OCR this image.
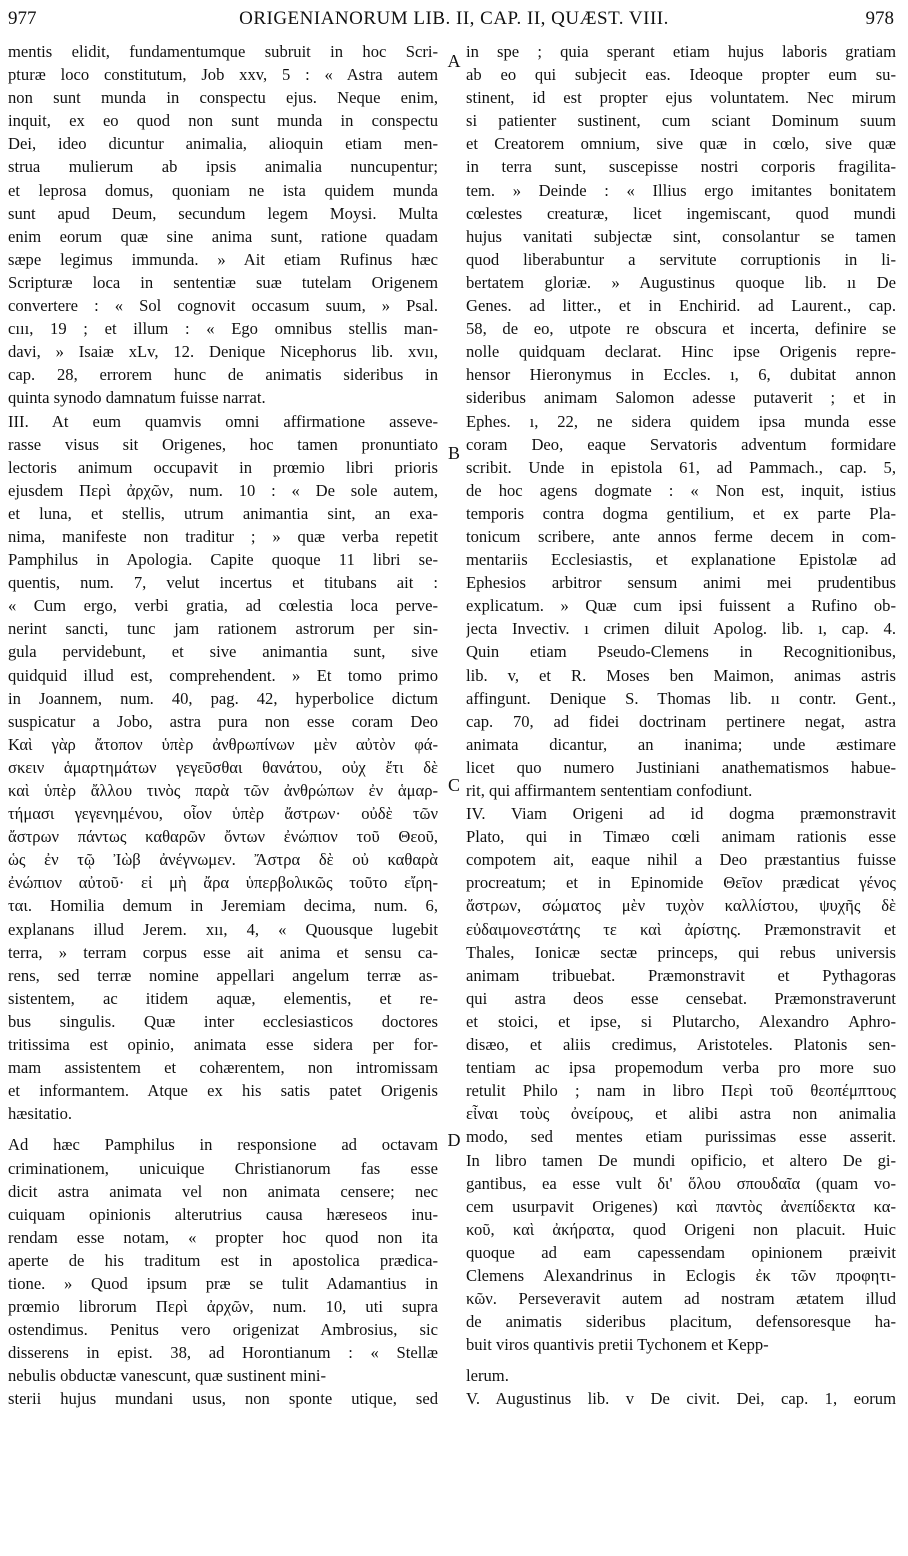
977	ORIGENIANORUM LIB. II, CAP. II, QUÆST. VIII.	978
A
B
C
D
mentis elidit, fundamentumque subruit in hoc Scri-
pturæ loco constitutum, Job xxv, 5 : « Astra autem
non sunt munda in conspectu ejus. Neque enim,
inquit, ex eo quod non sunt munda in conspectu
Dei, ideo dicuntur animalia, alioquin etiam men-
strua mulierum ab ipsis animalia nuncupentur;
et leprosa domus, quoniam ne ista quidem munda
sunt apud Deum, secundum legem Moysi. Multa
enim eorum quæ sine anima sunt, ratione quadam
sæpe legimus immunda. » Ait etiam Rufinus hæc
Scripturæ loca in sententiæ suæ tutelam Origenem
convertere : « Sol cognovit occasum suum, » Psal.
cııı, 19 ; et illum : « Ego omnibus stellis man-
davi, » Isaiæ xLv, 12. Denique Nicephorus lib. xvıı,
cap. 28, errorem hunc de animatis sideribus in
quinta synodo damnatum fuisse narrat.
III. At eum quamvis omni affirmatione asseve-
rasse visus sit Origenes, hoc tamen pronuntiato
lectoris animum occupavit in prœmio libri prioris
ejusdem Περὶ ἀρχῶν, num. 10 : « De sole autem,
et luna, et stellis, utrum animantia sint, an exa-
nima, manifeste non traditur ; » quæ verba repetit
Pamphilus in Apologia. Capite quoque 11 libri se-
quentis, num. 7, velut incertus et titubans ait :
« Cum ergo, verbi gratia, ad cœlestia loca perve-
nerint sancti, tunc jam rationem astrorum per sin-
gula pervidebunt, et sive animantia sunt, sive
quidquid illud est, comprehendent. » Et tomo primo
in Joannem, num. 40, pag. 42, hyperbolice dictum
suspicatur a Jobo, astra pura non esse coram Deo
Καὶ γὰρ ἄτοπον ὑπὲρ ἀνθρωπίνων μὲν αὐτὸν φά-
σκειν ἁμαρτημάτων γεγεῦσθαι θανάτου, οὐχ ἔτι δὲ
καὶ ὑπὲρ ἄλλου τινὸς παρὰ τῶν ἀνθρώπων ἐν ἁμαρ-
τήμασι γεγενημένου, οἷον ὑπὲρ ἄστρων· οὐδὲ τῶν
ἄστρων πάντως καθαρῶν ὄντων ἐνώπιον τοῦ Θεοῦ,
ὡς ἐν τῷ Ἰὼβ ἀνέγνωμεν. Ἄστρα δὲ οὐ καθαρὰ
ἐνώπιον αὐτοῦ· εἰ μὴ ἄρα ὑπερβολικῶς τοῦτο εἴρη-
ται. Homilia demum in Jeremiam decima, num. 6,
explanans illud Jerem. xıı, 4, « Quousque lugebit
terra, » terram corpus esse ait anima et sensu ca-
rens, sed terræ nomine appellari angelum terræ as-
sistentem, ac itidem aquæ, elementis, et re-
bus singulis. Quæ inter ecclesiasticos doctores
tritissima est opinio, animata esse sidera per for-
mam assistentem et cohærentem, non intromissam
et informantem. Atque ex his satis patet Origenis
hæsitatio.
Ad hæc Pamphilus in responsione ad octavam
criminationem, unicuique Christianorum fas esse
dicit astra animata vel non animata censere; nec
cuiquam opinionis alterutrius causa hæreseos inu-
rendam esse notam, « propter hoc quod non ita
aperte de his traditum est in apostolica prædica-
tione. » Quod ipsum præ se tulit Adamantius in
prœmio librorum Περὶ ἀρχῶν, num. 10, uti supra
ostendimus. Penitus vero origenizat Ambrosius, sic
disserens in epist. 38, ad Horontianum : « Stellæ
nebulis obductæ vanescunt, quæ sustinent mini-
sterii hujus mundani usus, non sponte utique, sed
in spe ; quia sperant etiam hujus laboris gratiam
ab eo qui subjecit eas. Ideoque propter eum su-
stinent, id est propter ejus voluntatem. Nec mirum
si patienter sustinent, cum sciant Dominum suum
et Creatorem omnium, sive quæ in cœlo, sive quæ
in terra sunt, suscepisse nostri corporis fragilita-
tem. » Deinde : « Illius ergo imitantes bonitatem
cœlestes creaturæ, licet ingemiscant, quod mundi
hujus vanitati subjectæ sint, consolantur se tamen
quod liberabuntur a servitute corruptionis in li-
bertatem gloriæ. » Augustinus quoque lib. ıı De
Genes. ad litter., et in Enchirid. ad Laurent., cap.
58, de eo, utpote re obscura et incerta, definire se
nolle quidquam declarat. Hinc ipse Origenis repre-
hensor Hieronymus in Eccles. ı, 6, dubitat annon
sideribus animam Salomon adesse putaverit ; et in
Ephes. ı, 22, ne sidera quidem ipsa munda esse
coram Deo, eaque Servatoris adventum formidare
scribit. Unde in epistola 61, ad Pammach., cap. 5,
de hoc agens dogmate : « Non est, inquit, istius
temporis contra dogma gentilium, et ex parte Pla-
tonicum scribere, ante annos ferme decem in com-
mentariis Ecclesiastis, et explanatione Epistolæ ad
Ephesios arbitror sensum animi mei prudentibus
explicatum. » Quæ cum ipsi fuissent a Rufino ob-
jecta Invectiv. ı crimen diluit Apolog. lib. ı, cap. 4.
Quin etiam Pseudo-Clemens in Recognitionibus,
lib. v, et R. Moses ben Maimon, animas astris
affingunt. Denique S. Thomas lib. ıı contr. Gent.,
cap. 70, ad fidei doctrinam pertinere negat, astra
animata dicantur, an inanima; unde æstimare
licet quo numero Justiniani anathematismos habue-
rit, qui affirmantem sententiam confodiunt.
IV. Viam Origeni ad id dogma præmonstravit
Plato, qui in Timæo cœli animam rationis esse
compotem ait, eaque nihil a Deo præstantius fuisse
procreatum; et in Epinomide Θεῖον prædicat γένος
ἄστρων, σώματος μὲν τυχὸν καλλίστου, ψυχῆς δὲ
εὐδαιμονεστάτης τε καὶ ἀρίστης. Præmonstravit et
Thales, Ionicæ sectæ princeps, qui rebus universis
animam tribuebat. Præmonstravit et Pythagoras
qui astra deos esse censebat. Præmonstraverunt
et stoici, et ipse, si Plutarcho, Alexandro Aphro-
disæo, et aliis credimus, Aristoteles. Platonis sen-
tentiam ac ipsa propemodum verba pro more suo
retulit Philo ; nam in libro Περὶ τοῦ θεοπέμπτους
εἶναι τοὺς ὀνείρους, et alibi astra non animalia
modo, sed mentes etiam purissimas esse asserit.
In libro tamen De mundi opificio, et altero De gi-
gantibus, ea esse vult δι' ὅλου σπουδαῖα (quam vo-
cem usurpavit Origenes) καὶ παντὸς ἀνεπίδεκτα κα-
κοῦ, καὶ ἀκήρατα, quod Origeni non placuit. Huic
quoque ad eam capessendam opinionem præivit
Clemens Alexandrinus in Eclogis ἐκ τῶν προφητι-
κῶν. Perseveravit autem ad nostram ætatem illud
de animatis sideribus placitum, defensoresque ha-
buit viros quantivis pretii Tychonem et Kepp-
lerum.
V. Augustinus lib. v De civit. Dei, cap. 1, eorum
